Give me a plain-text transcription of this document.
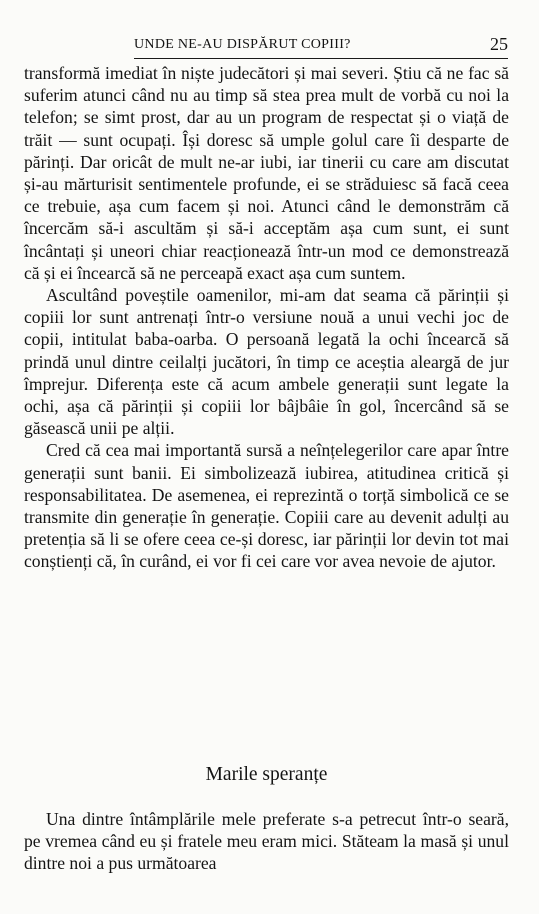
UNDE NE-AU DISPĂRUT COPIII?	25

transformă imediat în niște judecători și mai severi. Știu că ne fac să suferim atunci când nu au timp să stea prea mult de vorbă cu noi la telefon; se simt prost, dar au un program de respectat și o viață de trăit — sunt ocupați. Își doresc să umple golul care îi desparte de părinți. Dar oricât de mult ne-ar iubi, iar tinerii cu care am discutat și-au mărturisit sentimentele profunde, ei se străduiesc să facă ceea ce trebuie, așa cum facem și noi. Atunci când le demonstrăm că încercăm să-i ascultăm și să-i acceptăm așa cum sunt, ei sunt încântați și uneori chiar reacționează într-un mod ce demonstrează că și ei încearcă să ne perceapă exact așa cum suntem.

Ascultând poveștile oamenilor, mi-am dat seama că părinții și copiii lor sunt antrenați într-o versiune nouă a unui vechi joc de copii, intitulat baba-oarba. O persoană legată la ochi încearcă să prindă unul dintre ceilalți jucători, în timp ce aceștia aleargă de jur împrejur. Diferența este că acum ambele generații sunt legate la ochi, așa că părinții și copiii lor bâjbâie în gol, încercând să se găsească unii pe alții.

Cred că cea mai importantă sursă a neînțelegerilor care apar între generații sunt banii. Ei simbolizează iubirea, atitudinea critică și responsabilitatea. De asemenea, ei reprezintă o torță simbolică ce se transmite din generație în generație. Copiii care au devenit adulți au pretenția să li se ofere ceea ce-și doresc, iar părinții lor devin tot mai conștienți că, în curând, ei vor fi cei care vor avea nevoie de ajutor.

Marile speranțe

Una dintre întâmplările mele preferate s-a petrecut într-o seară, pe vremea când eu și fratele meu eram mici. Stăteam la masă și unul dintre noi a pus următoarea
